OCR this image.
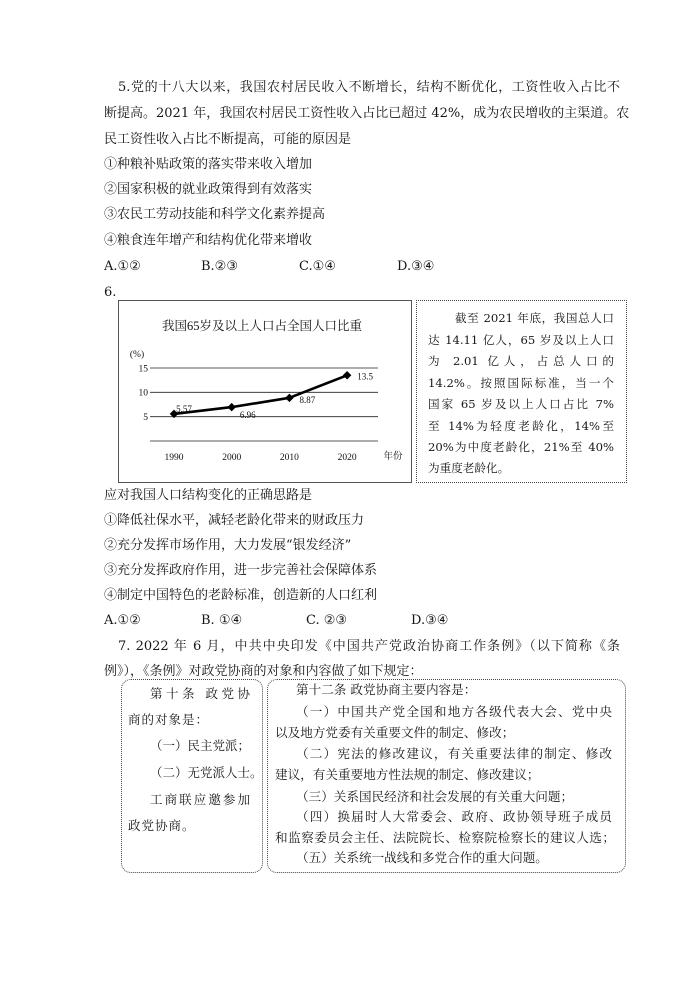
5.党的十八大以来，我国农村居民收入不断增长，结构不断优化，工资性收入占比不
断提高。2021 年，我国农村居民工资性收入占比已超过 42%，成为农民增收的主渠道。农
民工资性收入占比不断提高，可能的原因是
①种粮补贴政策的落实带来收入增加
②国家积极的就业政策得到有效落实
③农民工劳动技能和科学文化素养提高
④粮食连年增产和结构优化带来增收
A.①②	B.②③	C.①④	D.③④
6.
我国65岁及以上人口占全国人口比重
(%)
年份
5
10
15
1990	2000	2010	2020
5.57
6.96
8.87
13.5
截至 2021 年底，我国总人口
达 14.11 亿人，65 岁及以上人口
为 2.01 亿人，占总人口的
14.2%。按照国际标准，当一个
国家 65 岁及以上人口占比 7%
至 14%为轻度老龄化，14%至
20%为中度老龄化，21%至 40%
为重度老龄化。
应对我国人口结构变化的正确思路是
①降低社保水平，减轻老龄化带来的财政压力
②充分发挥市场作用，大力发展“银发经济”
③充分发挥政府作用，进一步完善社会保障体系
④制定中国特色的老龄标准，创造新的人口红利
A.①②	B. ①④	C. ②③	D.③④
7. 2022 年 6 月，中共中央印发《中国共产党政治协商工作条例》（以下简称《条
例》），《条例》对政党协商的对象和内容做了如下规定：
第十条 政党协
商的对象是：
（一）民主党派；
（二）无党派人士。
工商联应邀参加
政党协商。
第十二条 政党协商主要内容是：
（一）中国共产党全国和地方各级代表大会、党中央
以及地方党委有关重要文件的制定、修改；
（二）宪法的修改建议，有关重要法律的制定、修改
建议，有关重要地方性法规的制定、修改建议；
（三）关系国民经济和社会发展的有关重大问题；
（四）换届时人大常委会、政府、政协领导班子成员
和监察委员会主任、法院院长、检察院检察长的建议人选；
（五）关系统一战线和多党合作的重大问题。
